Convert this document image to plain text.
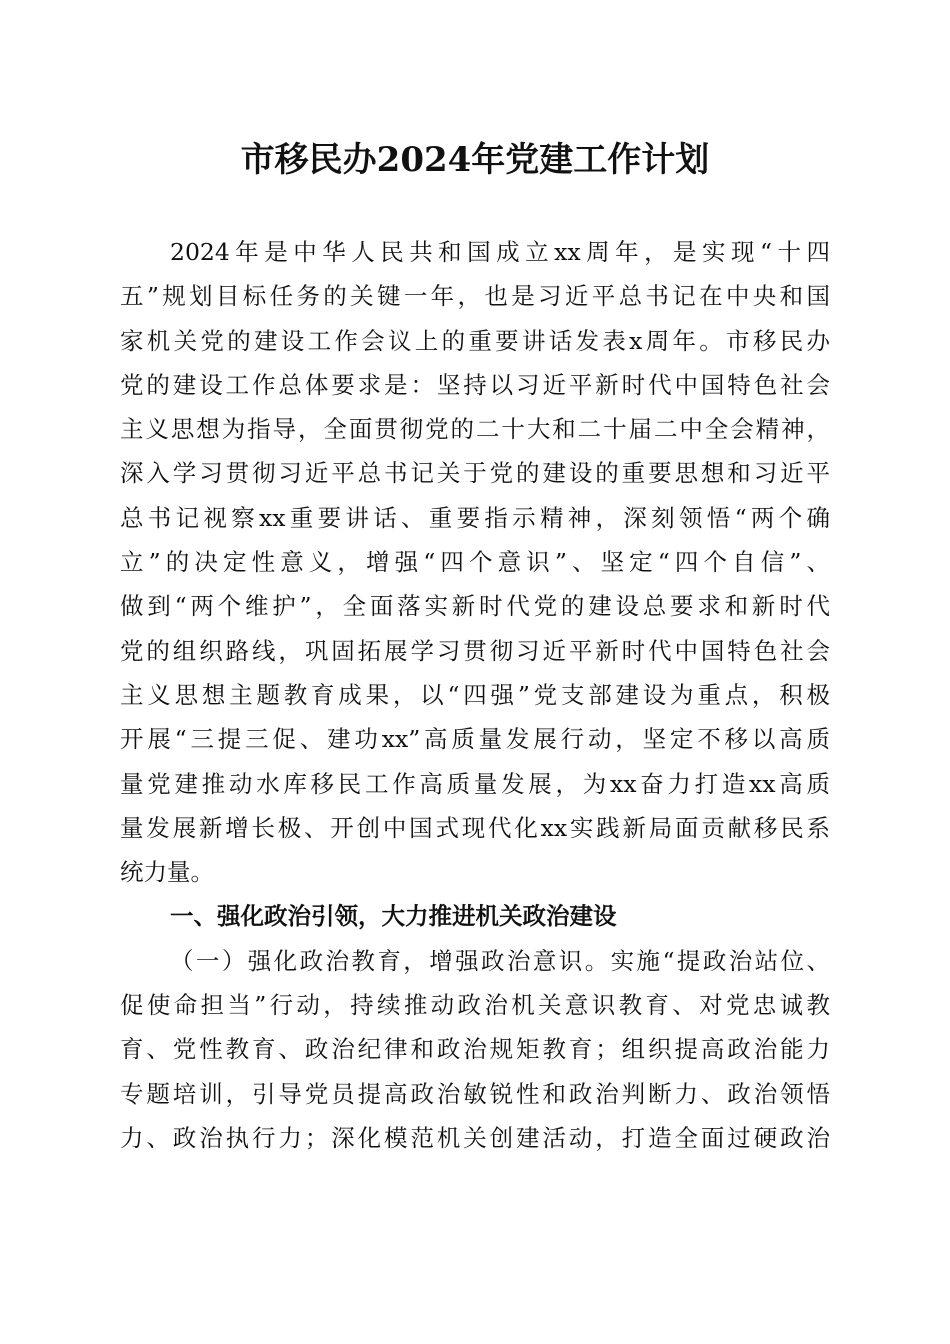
市移民办2024年党建工作计划
2024年是中华人民共和国成立xx周年，是实现“十四
五”规划目标任务的关键一年，也是习近平总书记在中央和国
家机关党的建设工作会议上的重要讲话发表x周年。市移民办
党的建设工作总体要求是：坚持以习近平新时代中国特色社会
主义思想为指导，全面贯彻党的二十大和二十届二中全会精神，
深入学习贯彻习近平总书记关于党的建设的重要思想和习近平
总书记视察xx重要讲话、重要指示精神，深刻领悟“两个确
立”的决定性意义，增强“四个意识”、坚定“四个自信”、
做到“两个维护”，全面落实新时代党的建设总要求和新时代
党的组织路线，巩固拓展学习贯彻习近平新时代中国特色社会
主义思想主题教育成果，以“四强”党支部建设为重点，积极
开展“三提三促、建功xx”高质量发展行动，坚定不移以高质
量党建推动水库移民工作高质量发展，为xx奋力打造xx高质
量发展新增长极、开创中国式现代化xx实践新局面贡献移民系
统力量。
一、强化政治引领，大力推进机关政治建设
（一）强化政治教育，增强政治意识。实施“提政治站位、
促使命担当”行动，持续推动政治机关意识教育、对党忠诚教
育、党性教育、政治纪律和政治规矩教育；组织提高政治能力
专题培训，引导党员提高政治敏锐性和政治判断力、政治领悟
力、政治执行力；深化模范机关创建活动，打造全面过硬政治
